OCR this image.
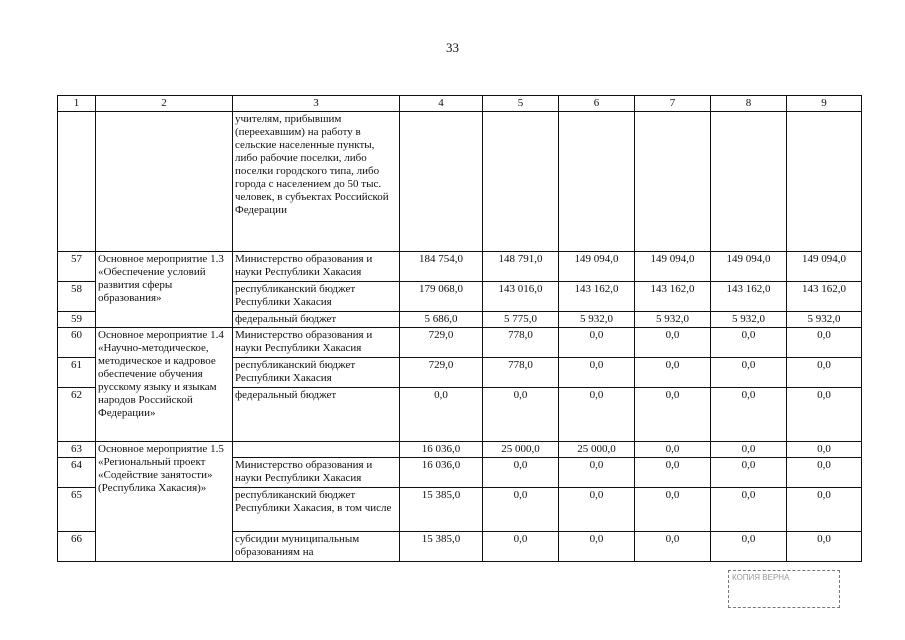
33
1	2	3	4	5	6	7	8	9
		учителям, прибывшим (переехавшим) на работу в сельские населенные пункты, либо рабочие поселки, либо поселки городского типа, либо города с населением до 50 тыс. человек, в субъектах Российской Федерации						
57	Основное мероприятие 1.3 «Обеспечение условий развития сферы образования»	Министерство образования и науки Республики Хакасия	184 754,0	148 791,0	149 094,0	149 094,0	149 094,0	149 094,0
58		республиканский бюджет Республики Хакасия	179 068,0	143 016,0	143 162,0	143 162,0	143 162,0	143 162,0
59		федеральный бюджет	5 686,0	5 775,0	5 932,0	5 932,0	5 932,0	5 932,0
60	Основное мероприятие 1.4 «Научно-методическое, методическое и кадровое обеспечение обучения русскому языку и языкам народов Российской Федерации»	Министерство образования и науки Республики Хакасия	729,0	778,0	0,0	0,0	0,0	0,0
61		республиканский бюджет Республики Хакасия	729,0	778,0	0,0	0,0	0,0	0,0
62		федеральный бюджет	0,0	0,0	0,0	0,0	0,0	0,0
63	Основное мероприятие 1.5 «Региональный проект «Содействие занятости» (Республика Хакасия)»		16 036,0	25 000,0	25 000,0	0,0	0,0	0,0
64		Министерство образования и науки Республики Хакасия	16 036,0	0,0	0,0	0,0	0,0	0,0
65		республиканский бюджет Республики Хакасия, в том числе	15 385,0	0,0	0,0	0,0	0,0	0,0
66		субсидии муниципальным образованиям на	15 385,0	0,0	0,0	0,0	0,0	0,0
КОПИЯ ВЕРНА
